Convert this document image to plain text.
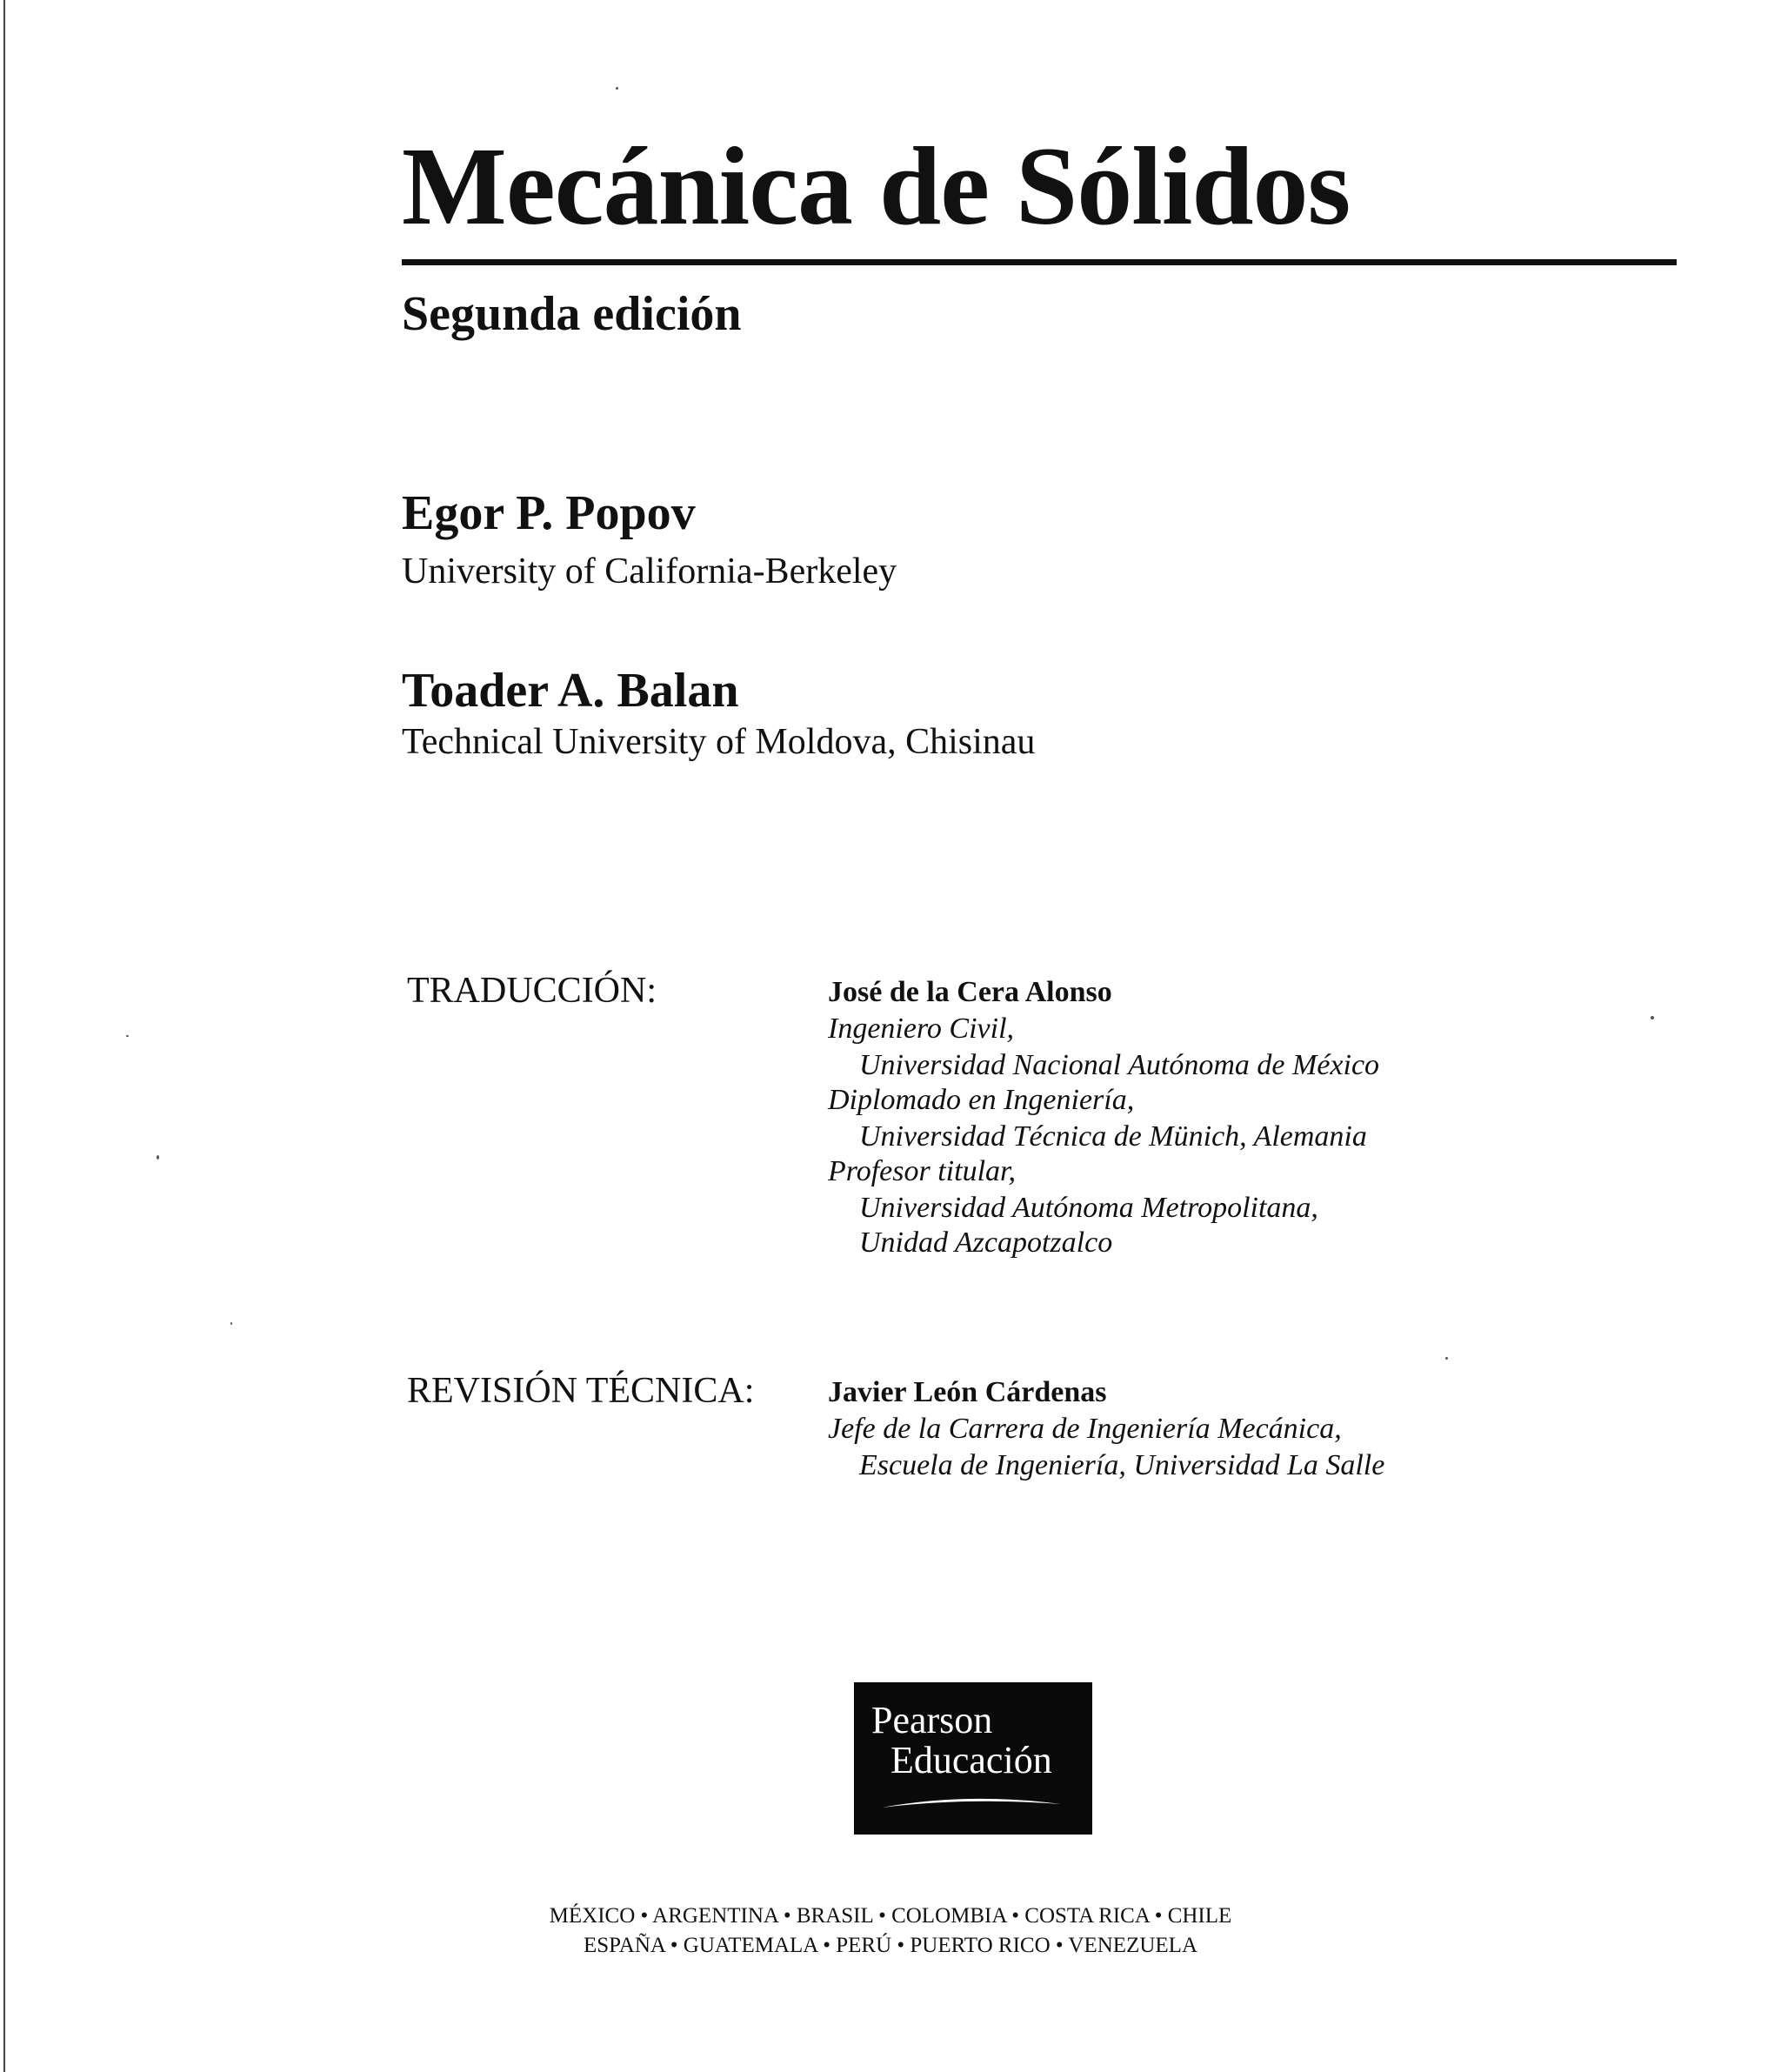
Mecánica de Sólidos
Segunda edición
Egor P. Popov
University of California-Berkeley
Toader A. Balan
Technical University of Moldova, Chisinau
TRADUCCIÓN:	José de la Cera Alonso
Ingeniero Civil,
Universidad Nacional Autónoma de México
Diplomado en Ingeniería,
Universidad Técnica de Münich, Alemania
Profesor titular,
Universidad Autónoma Metropolitana,
Unidad Azcapotzalco
REVISIÓN TÉCNICA: Javier León Cárdenas
Jefe de la Carrera de Ingeniería Mecánica,
Escuela de Ingeniería, Universidad La Salle
Pearson
Educación
MÉXICO • ARGENTINA • BRASIL • COLOMBIA • COSTA RICA • CHILE
ESPAÑA • GUATEMALA • PERÚ • PUERTO RICO • VENEZUELA
